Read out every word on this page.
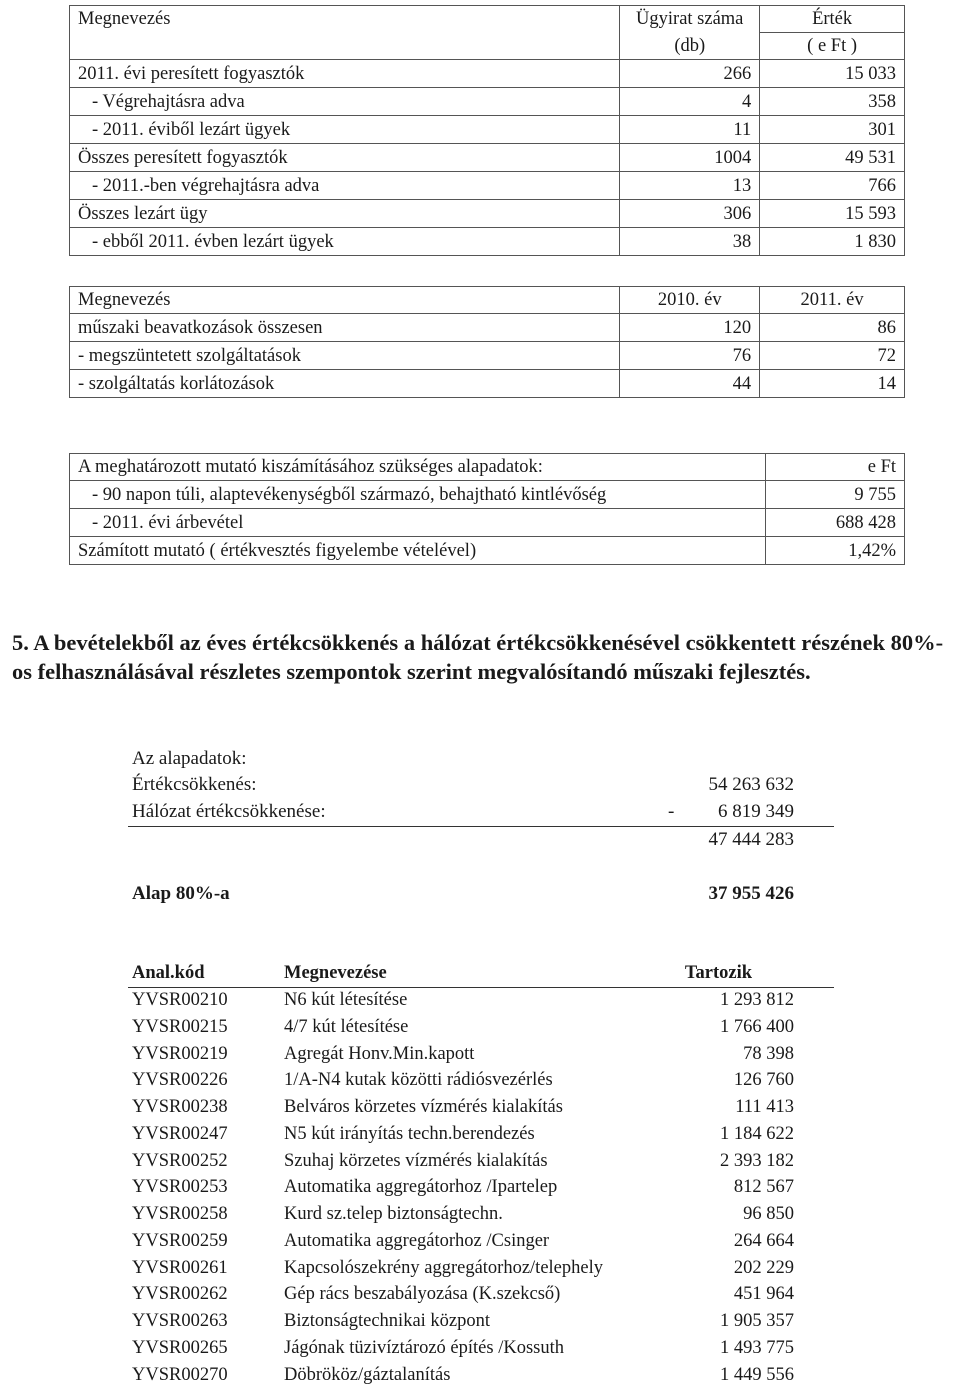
Megnevezés	Ügyirat száma	Érték
	(db)	( e Ft )
2011. évi peresített fogyasztók	266	15 033
- Végrehajtásra adva	4	358
- 2011. éviből lezárt ügyek	11	301
Összes peresített fogyasztók	1004	49 531
- 2011.-ben végrehajtásra adva	13	766
Összes lezárt ügy	306	15 593
- ebből 2011. évben lezárt ügyek	38	1 830
Megnevezés	2010. év	2011. év
műszaki beavatkozások összesen	120	86
- megszüntetett szolgáltatások	76	72
- szolgáltatás korlátozások	44	14
A meghatározott mutató kiszámításához szükséges alapadatok:	e Ft
- 90 napon túli, alaptevékenységből származó, behajtható kintlévőség	9 755
- 2011. évi árbevétel	688 428
Számított mutató ( értékvesztés figyelembe vételével)	1,42%
5. A bevételekből az éves értékcsökkenés a hálózat értékcsökkenésével csökkentett részének 80%-os felhasználásával részletes szempontok szerint megvalósítandó műszaki fejlesztés.
Az alapadatok:
Értékcsökkenés:	54 263 632
Hálózat értékcsökkenése:	- 6 819 349
47 444 283
Alap 80%-a	37 955 426
Anal.kód	Megnevezése	Tartozik
YVSR00210	N6 kút létesítése	1 293 812
YVSR00215	4/7 kút létesítése	1 766 400
YVSR00219	Agregát Honv.Min.kapott	78 398
YVSR00226	1/A-N4 kutak közötti rádiósvezérlés	126 760
YVSR00238	Belváros körzetes vízmérés kialakítás	111 413
YVSR00247	N5 kút irányítás techn.berendezés	1 184 622
YVSR00252	Szuhaj körzetes vízmérés kialakítás	2 393 182
YVSR00253	Automatika aggregátorhoz /Ipartelep	812 567
YVSR00258	Kurd sz.telep biztonságtechn.	96 850
YVSR00259	Automatika aggregátorhoz /Csinger	264 664
YVSR00261	Kapcsolószekrény aggregátorhoz/telephely	202 229
YVSR00262	Gép rács beszabályozása (K.szekcső)	451 964
YVSR00263	Biztonságtechnikai központ	1 905 357
YVSR00265	Jágónak tüzivíztározó építés /Kossuth	1 493 775
YVSR00270	Döbrököz/gáztalanítás	1 449 556
